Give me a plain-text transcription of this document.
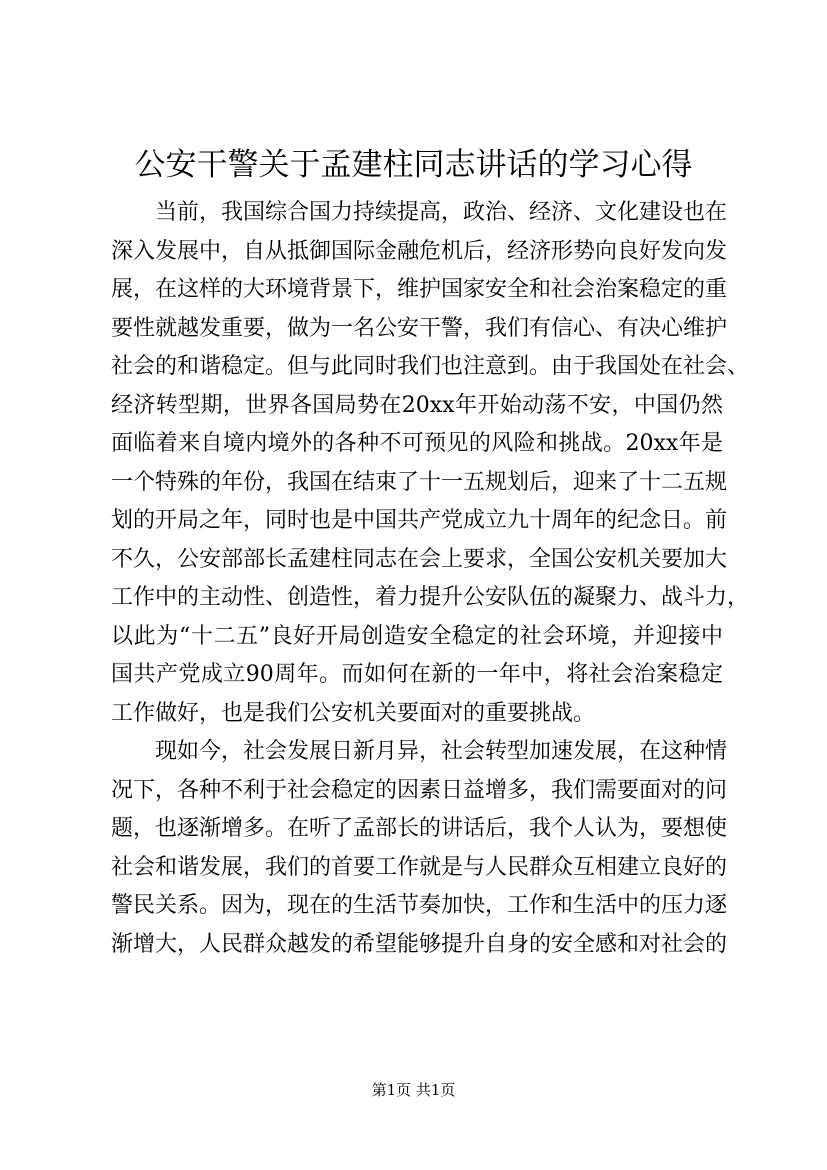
公安干警关于孟建柱同志讲话的学习心得
当前，我国综合国力持续提高，政治、经济、文化建设也在
深入发展中，自从抵御国际金融危机后，经济形势向良好发向发
展，在这样的大环境背景下，维护国家安全和社会治案稳定的重
要性就越发重要，做为一名公安干警，我们有信心、有决心维护
社会的和谐稳定。但与此同时我们也注意到。由于我国处在社会、
经济转型期，世界各国局势在20xx年开始动荡不安，中国仍然
面临着来自境内境外的各种不可预见的风险和挑战。20xx年是
一个特殊的年份，我国在结束了十一五规划后，迎来了十二五规
划的开局之年，同时也是中国共产党成立九十周年的纪念日。前
不久，公安部部长孟建柱同志在会上要求，全国公安机关要加大
工作中的主动性、创造性，着力提升公安队伍的凝聚力、战斗力，
以此为“十二五”良好开局创造安全稳定的社会环境，并迎接中
国共产党成立90周年。而如何在新的一年中，将社会治案稳定
工作做好，也是我们公安机关要面对的重要挑战。
现如今，社会发展日新月异，社会转型加速发展，在这种情
况下，各种不利于社会稳定的因素日益增多，我们需要面对的问
题，也逐渐增多。在听了孟部长的讲话后，我个人认为，要想使
社会和谐发展，我们的首要工作就是与人民群众互相建立良好的
警民关系。因为，现在的生活节奏加快，工作和生活中的压力逐
渐增大，人民群众越发的希望能够提升自身的安全感和对社会的
第1页 共1页
